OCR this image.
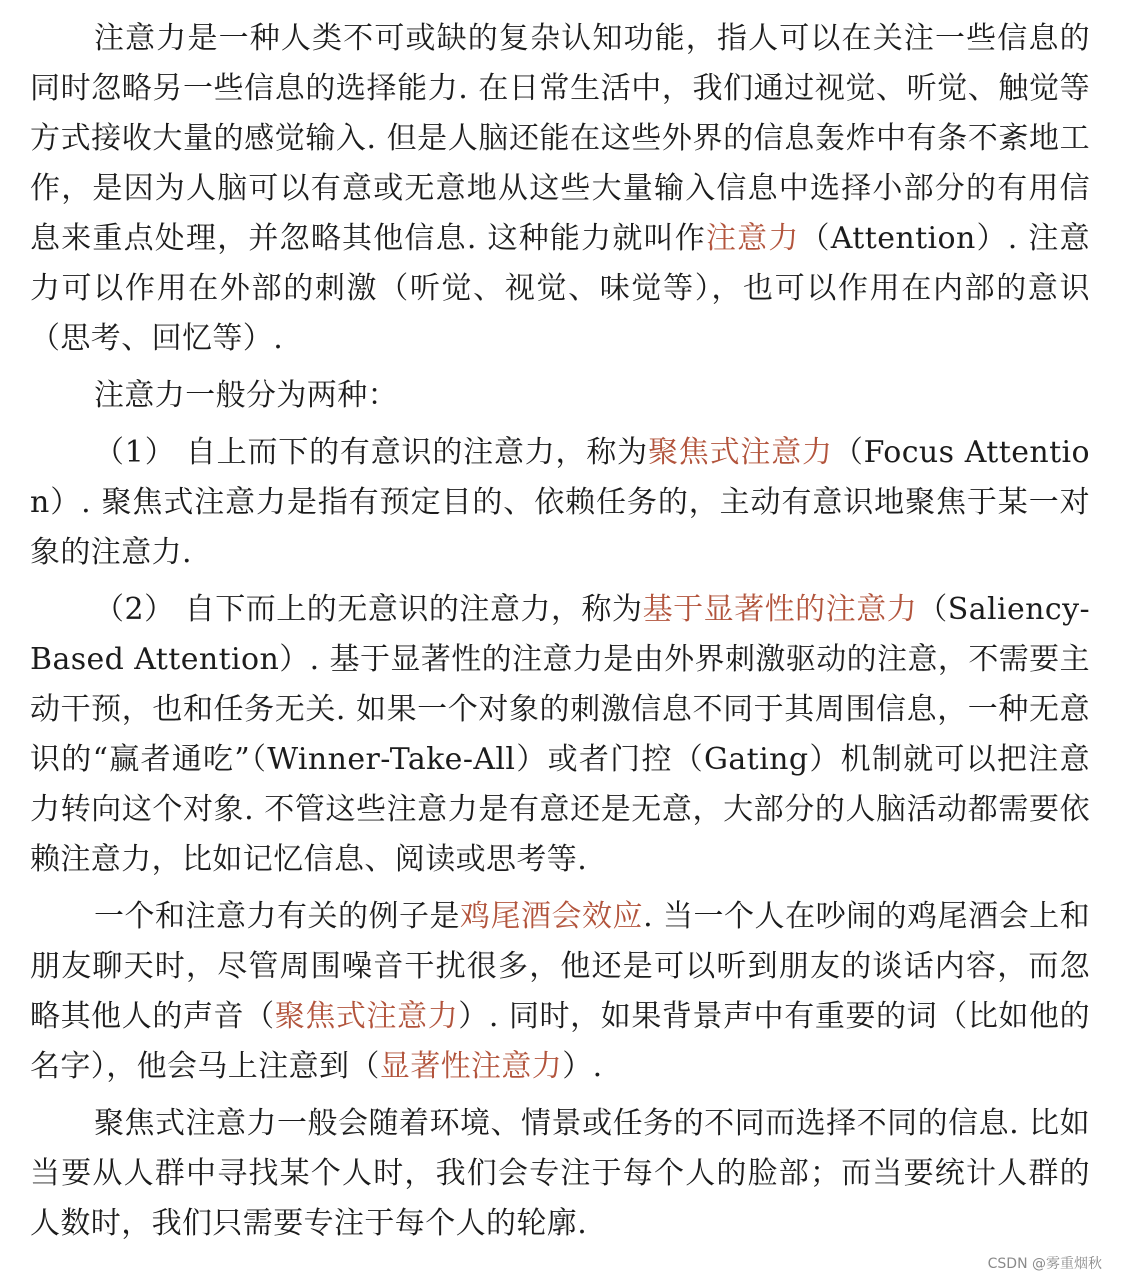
注意力是一种人类不可或缺的复杂认知功能，指人可以在关注一些信息的同时忽略另一些信息的选择能力. 在日常生活中，我们通过视觉、听觉、触觉等方式接收大量的感觉输入. 但是人脑还能在这些外界的信息轰炸中有条不紊地工作，是因为人脑可以有意或无意地从这些大量输入信息中选择小部分的有用信息来重点处理，并忽略其他信息. 这种能力就叫作注意力（Attention）. 注意力可以作用在外部的刺激（听觉、视觉、味觉等），也可以作用在内部的意识（思考、回忆等）.

注意力一般分为两种：

（1） 自上而下的有意识的注意力，称为聚焦式注意力（Focus Attention）. 聚焦式注意力是指有预定目的、依赖任务的，主动有意识地聚焦于某一对象的注意力.

（2） 自下而上的无意识的注意力，称为基于显著性的注意力（Saliency-Based Attention）. 基于显著性的注意力是由外界刺激驱动的注意，不需要主动干预，也和任务无关. 如果一个对象的刺激信息不同于其周围信息，一种无意识的“赢者通吃”（Winner-Take-All）或者门控（Gating）机制就可以把注意力转向这个对象. 不管这些注意力是有意还是无意，大部分的人脑活动都需要依赖注意力，比如记忆信息、阅读或思考等.

一个和注意力有关的例子是鸡尾酒会效应. 当一个人在吵闹的鸡尾酒会上和朋友聊天时，尽管周围噪音干扰很多，他还是可以听到朋友的谈话内容，而忽略其他人的声音（聚焦式注意力）. 同时，如果背景声中有重要的词（比如他的名字），他会马上注意到（显著性注意力）.

聚焦式注意力一般会随着环境、情景或任务的不同而选择不同的信息. 比如当要从人群中寻找某个人时，我们会专注于每个人的脸部；而当要统计人群的人数时，我们只需要专注于每个人的轮廓.

CSDN @雾重烟秋
